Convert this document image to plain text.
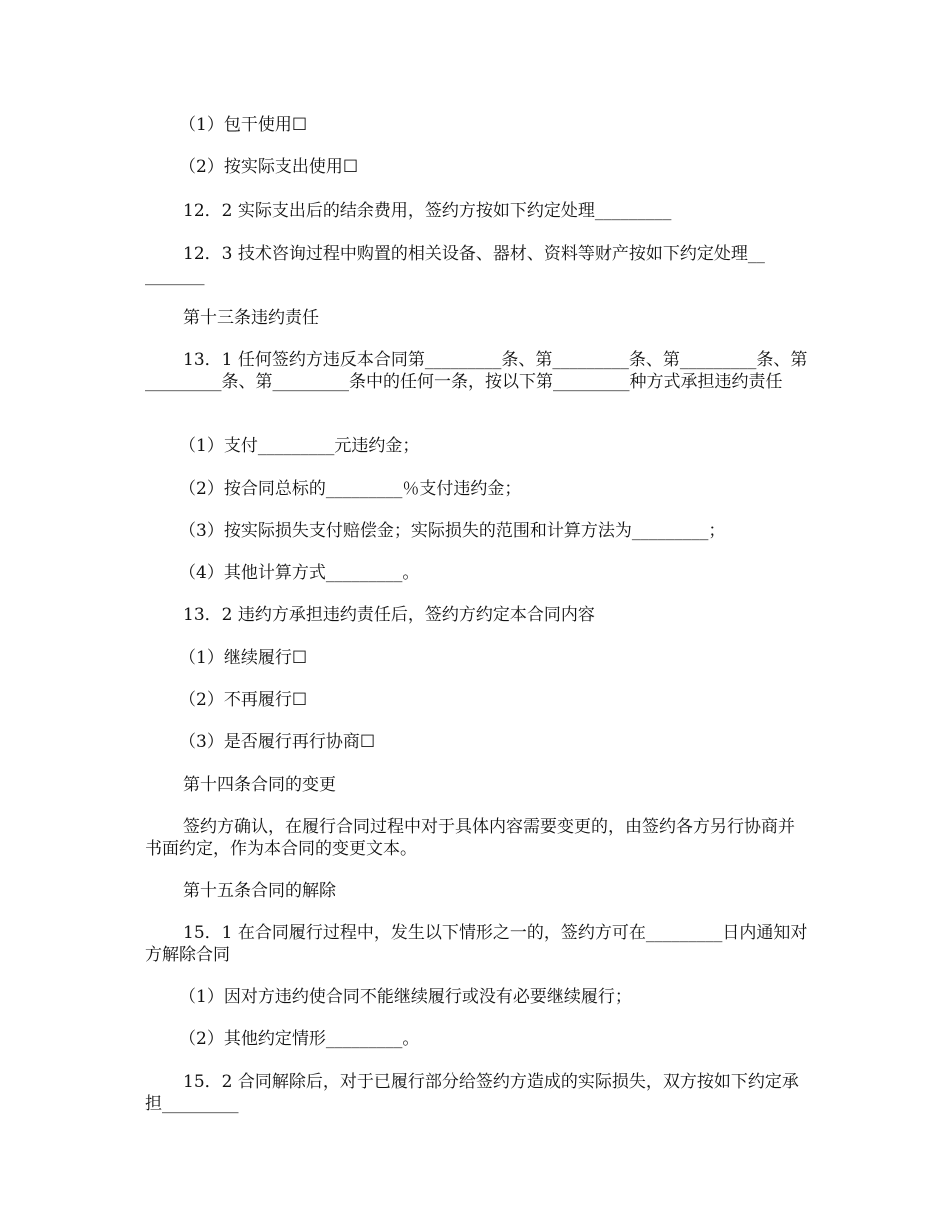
（1）包干使用☐

（2）按实际支出使用☐

12．2 实际支出后的结余费用，签约方按如下约定处理_________

12．3 技术咨询过程中购置的相关设备、器材、资料等财产按如下约定处理__ _______

第十三条违约责任

13．1 任何签约方违反本合同第_________条、第_________条、第_________条、第_________条、第_________条中的任何一条，按以下第_________种方式承担违约责任

（1）支付_________元违约金；

（2）按合同总标的_________％支付违约金；

（3）按实际损失支付赔偿金；实际损失的范围和计算方法为_________；

（4）其他计算方式_________。

13．2 违约方承担违约责任后，签约方约定本合同内容

（1）继续履行☐

（2）不再履行☐

（3）是否履行再行协商☐

第十四条合同的变更

签约方确认，在履行合同过程中对于具体内容需要变更的，由签约各方另行协商并书面约定，作为本合同的变更文本。

第十五条合同的解除

15．1 在合同履行过程中，发生以下情形之一的，签约方可在_________日内通知对方解除合同

（1）因对方违约使合同不能继续履行或没有必要继续履行；

（2）其他约定情形_________。

15．2 合同解除后，对于已履行部分给签约方造成的实际损失，双方按如下约定承担_________
